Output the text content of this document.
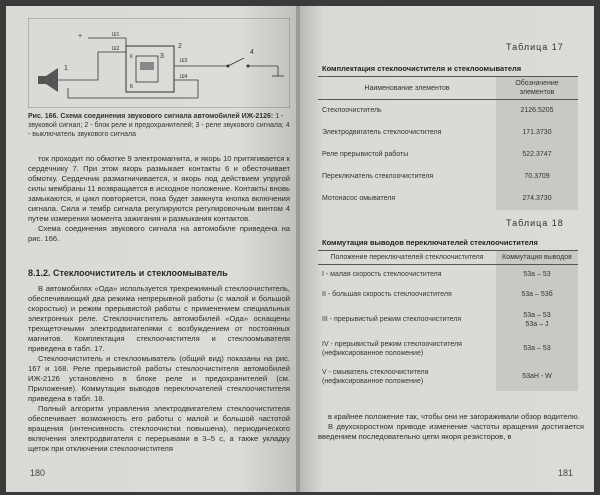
+	Ш1
Ш2
Ш3
Ш4
1
2
3
4
К
Б
Рис. 166. Схема соединения звукового сигнала автомобилей ИЖ-2126: 1 - звуковой сигнал; 2 - блок реле и предохранителей; 3 - реле звукового сигнала; 4 - выключатель звукового сигнала

ток проходит по обмотке 9 электромагнита, и якорь 10 притягивается к сердечнику 7. При этом якорь размыкает контакты 6 и обесточивает обмотку. Сердечник размагничивается, и якорь под действием упругой силы мембраны 11 возвращается в исходное положение. Контакты вновь замыкаются, и цикл повторяется, пока будет замкнута кнопка включения сигнала. Сила и тембр сигнала регулируются регулировочным винтом 4 путем измерения момента зажигания и размыкания контактов.

Схема соединения звукового сигнала на автомобиле приведена на рис. 166.

8.1.2. Стеклоочиститель и стеклоомыватель

В автомобилях «Ода» используется трехрежимный стеклоочиститель, обеспечивающий два режима непрерывной работы (с малой и большой скоростью) и режим прерывистой работы с применением специальных электронных реле. Стеклоочиститель автомобилей «Ода» оснащены трехщеточными электродвигателями с возбуждением от постоянных магнитов. Комплектация стеклоочистителя и стеклоомывателя приведена в табл. 17.

Стеклоочиститель и стеклоомыватель (общий вид) показаны на рис. 167 и 168. Реле прерывистой работы стеклоочистителя автомобилей ИЖ-2126 установлено в блоке реле и предохранителей (см. Приложение). Коммутация выводов переключателей стеклоочистителя приведена в табл. 18.

Полный алгоритм управления электродвигателем стеклоочистителя обеспечивает возможность его работы с малой и большой частотой вращения (интенсивность стеклоочистки повышена), периодического включения электродвигателя с перерывами в 3–5 с, а также укладку щеток при отключении стеклоочистителя

180
Таблица 17
Комплектация стеклоочистителя и стеклоомывателя
Наименование элементов	Обозначение элементов
Стеклоочиститель	2126.5205
Электродвигатель стеклоочистителя	171.3730
Реле прерывистой работы	522.3747
Переключатель стеклоочистителя	70.3709
Мотонасос омывателя	274.3730
Таблица 18
Коммутация выводов переключателей стеклоочистителя
Положение переключателей стеклоочистителя	Коммутация выводов
I - малая скорость стеклоочистителя	53а – 53
II - большая скорость стеклоочистителя	53а – 53б
III - прерывистый режим стеклоочистителя	53а – 53
53а – J
IV - прерывистый режим стеклоочистителя
(нефиксированное положение)	53а – 53
V - смыватель стеклоочистителя
(нефиксированное положение)	53аН - W

в крайнее положение так, чтобы они не загораживали обзор водителю.

В двухскоростном приводе изменение частоты вращения достигается введением последовательно цепи якоря резисторов, в

181
